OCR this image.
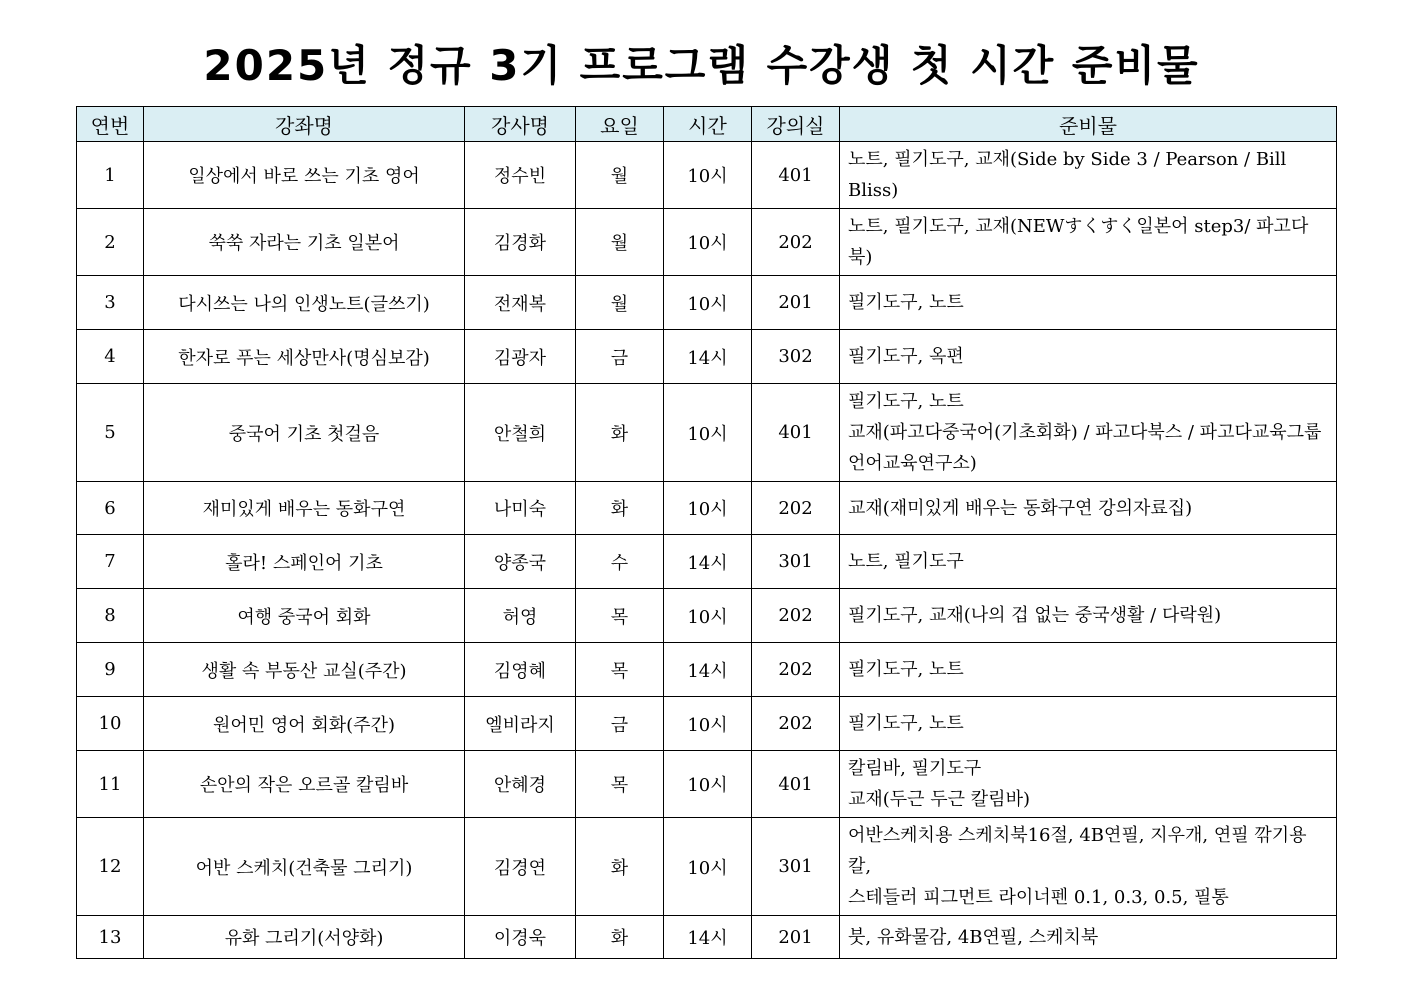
2025년 정규 3기 프로그램 수강생 첫 시간 준비물
연번	강좌명	강사명	요일	시간	강의실	준비물
1	일상에서 바로 쓰는 기초 영어	정수빈	월	10시	401	노트, 필기도구, 교재(Side by Side 3 / Pearson / Bill Bliss)

2	쑥쑥 자라는 기초 일본어	김경화	월	10시	202	노트, 필기도구, 교재(NEWすくすく일본어 step3/ 파고다북)

3	다시쓰는 나의 인생노트(글쓰기)	전재복	월	10시	201	필기도구, 노트

4	한자로 푸는 세상만사(명심보감)	김광자	금	14시	302	필기도구, 옥편

5	중국어 기초 첫걸음	안철희	화	10시	401	필기도구, 노트
교재(파고다중국어(기초회화) / 파고다북스 / 파고다교육그룹 언어교육연구소)

6	재미있게 배우는 동화구연	나미숙	화	10시	202	교재(재미있게 배우는 동화구연 강의자료집)

7	홀라! 스페인어 기초	양종국	수	14시	301	노트, 필기도구

8	여행 중국어 회화	허영	목	10시	202	필기도구, 교재(나의 겁 없는 중국생활 / 다락원)

9	생활 속 부동산 교실(주간)	김영혜	목	14시	202	필기도구, 노트

10	원어민 영어 회화(주간)	엘비라지	금	10시	202	필기도구, 노트

11	손안의 작은 오르골 칼림바	안혜경	목	10시	401	칼림바, 필기도구
교재(두근 두근 칼림바)

12	어반 스케치(건축물 그리기)	김경연	화	10시	301	어반스케치용 스케치북16절, 4B연필, 지우개, 연필 깎기용 칼,
스테들러 피그먼트 라이너펜 0.1, 0.3, 0.5, 필통

13	유화 그리기(서양화)	이경욱	화	14시	201	붓, 유화물감, 4B연필, 스케치북
